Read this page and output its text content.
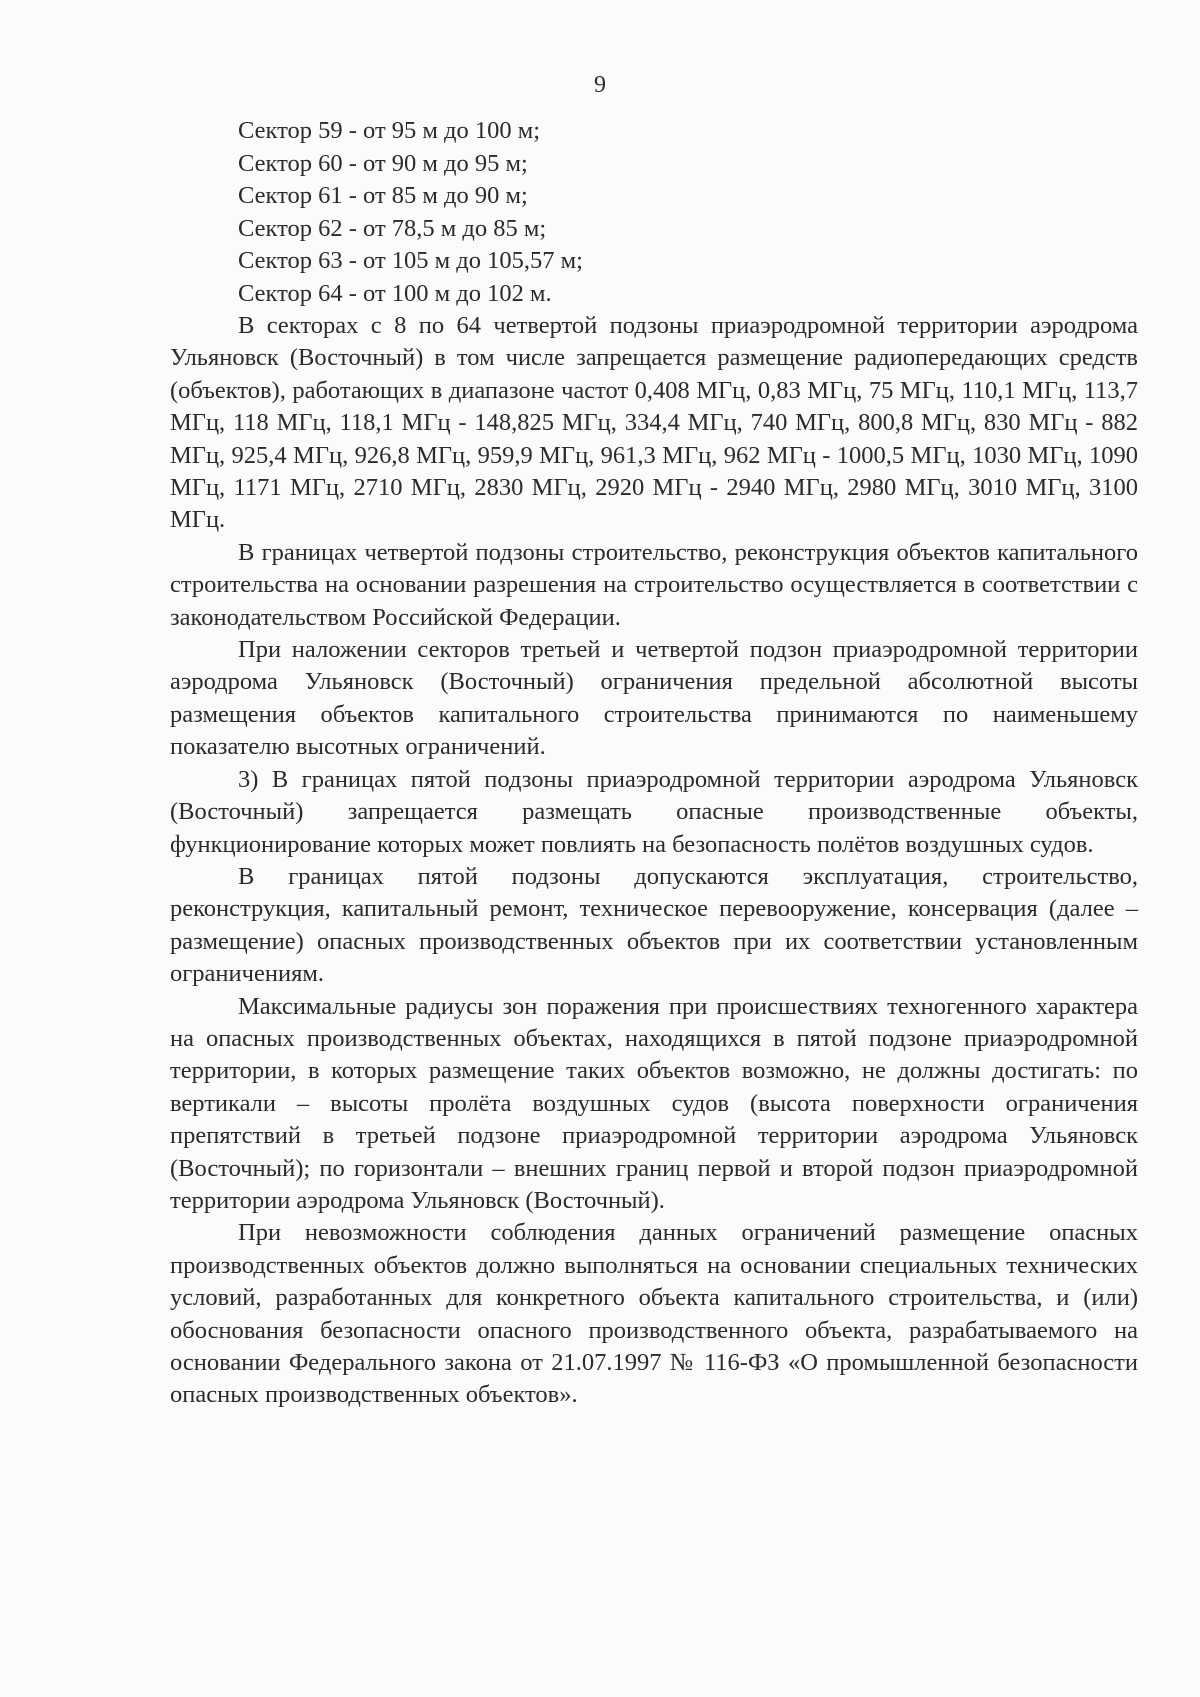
9
Сектор 59 - от 95 м до 100 м;
Сектор 60 - от 90 м до 95 м;
Сектор 61 - от 85 м до 90 м;
Сектор 62 - от 78,5 м до 85 м;
Сектор 63 - от 105 м до 105,57 м;
Сектор 64 - от 100 м до 102 м.

В секторах с 8 по 64 четвертой подзоны приаэродромной территории аэродрома Ульяновск (Восточный) в том числе запрещается размещение радиопередающих средств (объектов), работающих в диапазоне частот 0,408 МГц, 0,83 МГц, 75 МГц, 110,1 МГц, 113,7 МГц, 118 МГц, 118,1 МГц - 148,825 МГц, 334,4 МГц, 740 МГц, 800,8 МГц, 830 МГц - 882 МГц, 925,4 МГц, 926,8 МГц, 959,9 МГц, 961,3 МГц, 962 МГц - 1000,5 МГц, 1030 МГц, 1090 МГц, 1171 МГц, 2710 МГц, 2830 МГц, 2920 МГц - 2940 МГц, 2980 МГц, 3010 МГц, 3100 МГц.

В границах четвертой подзоны строительство, реконструкция объектов капитального строительства на основании разрешения на строительство осуществляется в соответствии с законодательством Российской Федерации.

При наложении секторов третьей и четвертой подзон приаэродромной территории аэродрома Ульяновск (Восточный) ограничения предельной абсолютной высоты размещения объектов капитального строительства принимаются по наименьшему показателю высотных ограничений.

3) В границах пятой подзоны приаэродромной территории аэродрома Ульяновск (Восточный) запрещается размещать опасные производственные объекты, функционирование которых может повлиять на безопасность полётов воздушных судов.

В границах пятой подзоны допускаются эксплуатация, строительство, реконструкция, капитальный ремонт, техническое перевооружение, консервация (далее – размещение) опасных производственных объектов при их соответствии установленным ограничениям.

Максимальные радиусы зон поражения при происшествиях техногенного характера на опасных производственных объектах, находящихся в пятой подзоне приаэродромной территории, в которых размещение таких объектов возможно, не должны достигать: по вертикали – высоты пролёта воздушных судов (высота поверхности ограничения препятствий в третьей подзоне приаэродромной территории аэродрома Ульяновск (Восточный); по горизонтали – внешних границ первой и второй подзон приаэродромной территории аэродрома Ульяновск (Восточный).

При невозможности соблюдения данных ограничений размещение опасных производственных объектов должно выполняться на основании специальных технических условий, разработанных для конкретного объекта капитального строительства, и (или) обоснования безопасности опасного производственного объекта, разрабатываемого на основании Федерального закона от 21.07.1997 № 116-ФЗ «О промышленной безопасности опасных производственных объектов».
